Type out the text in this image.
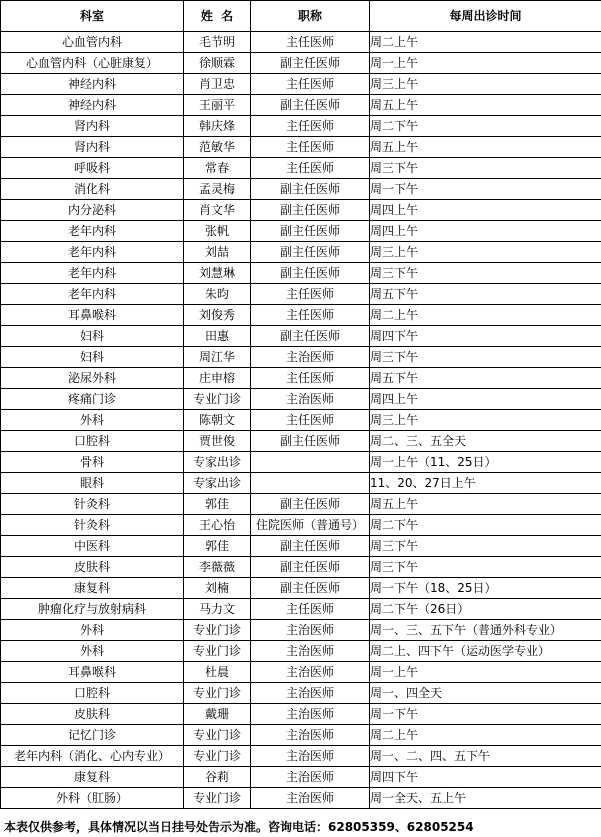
科室	姓  名	职称	每周出诊时间
心血管内科	毛节明	主任医师	周二上午
心血管内科（心脏康复）	徐顺霖	副主任医师	周一上午
神经内科	肖卫忠	主任医师	周三上午
神经内科	王丽平	副主任医师	周五上午
肾内科	韩庆烽	主任医师	周二下午
肾内科	范敏华	主任医师	周五上午
呼吸科	常春	主任医师	周三下午
消化科	孟灵梅	副主任医师	周一下午
内分泌科	肖文华	副主任医师	周四上午
老年内科	张帆	副主任医师	周四上午
老年内科	刘喆	副主任医师	周三上午
老年内科	刘慧琳	副主任医师	周三下午
老年内科	朱昀	主任医师	周五下午
耳鼻喉科	刘俊秀	主任医师	周二上午
妇科	田惠	副主任医师	周四下午
妇科	周江华	主治医师	周三下午
泌尿外科	庄申榕	主任医师	周五下午
疼痛门诊	专业门诊	主治医师	周四上午
外科	陈朝文	主任医师	周三上午
口腔科	贾世俊	副主任医师	周二、三、五全天
骨科	专家出诊		周一上午（11、25日）
眼科	专家出诊		11、20、27日上午
针灸科	郭佳	副主任医师	周五上午
针灸科	王心怡	住院医师（普通号）	周二下午
中医科	郭佳	副主任医师	周三下午
皮肤科	李薇薇	副主任医师	周三下午
康复科	刘楠	副主任医师	周一下午（18、25日）
肿瘤化疗与放射病科	马力文	主任医师	周二下午（26日）
外科	专业门诊	主治医师	周一、三、五下午（普通外科专业）
外科	专业门诊	主治医师	周二上、四下午（运动医学专业）
耳鼻喉科	杜晨	主治医师	周一上午
口腔科	专业门诊	主治医师	周一、四全天
皮肤科	戴珊	主治医师	周一下午
记忆门诊	专业门诊	主治医师	周二上午
老年内科（消化、心内专业）	专业门诊	主治医师	周一、二、四、五下午
康复科	谷莉	主治医师	周四下午
外科（肛肠）	专业门诊	主治医师	周一全天、五上午
本表仅供参考，具体情况以当日挂号处告示为准。咨询电话：62805359、62805254
